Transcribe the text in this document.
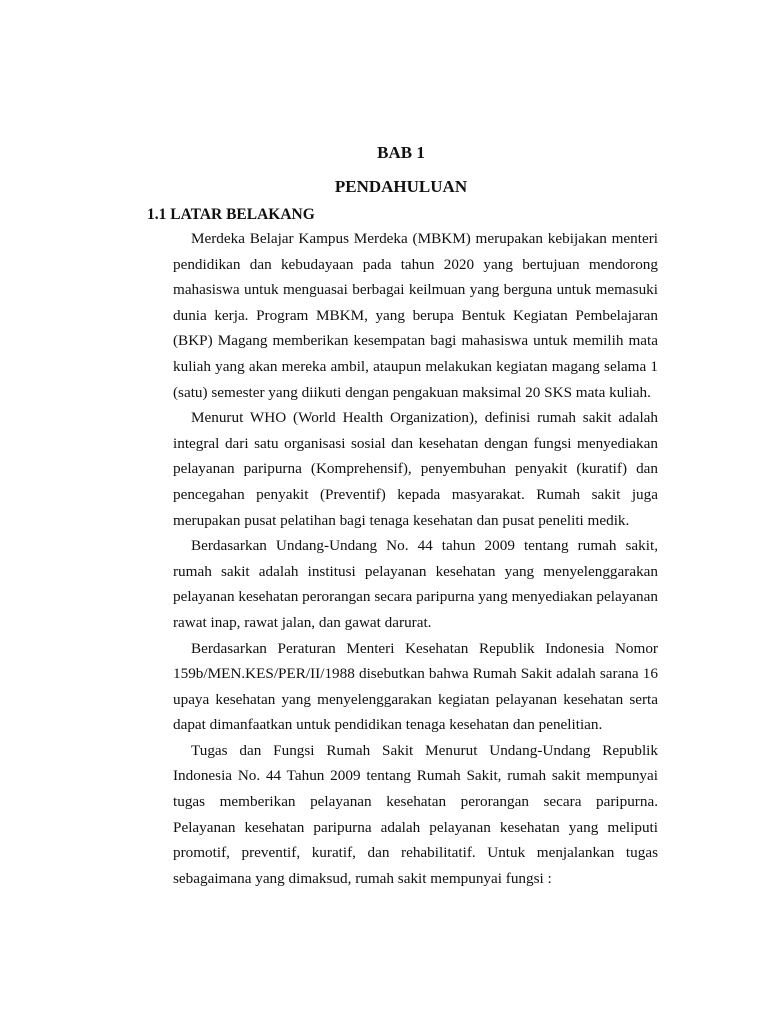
BAB 1
PENDAHULUAN
1.1 LATAR BELAKANG

Merdeka Belajar Kampus Merdeka (MBKM) merupakan kebijakan menteri pendidikan dan kebudayaan pada tahun 2020 yang bertujuan mendorong mahasiswa untuk menguasai berbagai keilmuan yang berguna untuk memasuki dunia kerja. Program MBKM, yang berupa Bentuk Kegiatan Pembelajaran (BKP) Magang memberikan kesempatan bagi mahasiswa untuk memilih mata kuliah yang akan mereka ambil, ataupun melakukan kegiatan magang selama 1 (satu) semester yang diikuti dengan pengakuan maksimal 20 SKS mata kuliah.

Menurut WHO (World Health Organization), definisi rumah sakit adalah integral dari satu organisasi sosial dan kesehatan dengan fungsi menyediakan pelayanan paripurna (Komprehensif), penyembuhan penyakit (kuratif) dan pencegahan penyakit (Preventif) kepada masyarakat. Rumah sakit juga merupakan pusat pelatihan bagi tenaga kesehatan dan pusat peneliti medik.

Berdasarkan Undang-Undang No. 44 tahun 2009 tentang rumah sakit, rumah sakit adalah institusi pelayanan kesehatan yang menyelenggarakan pelayanan kesehatan perorangan secara paripurna yang menyediakan pelayanan rawat inap, rawat jalan, dan gawat darurat.

Berdasarkan Peraturan Menteri Kesehatan Republik Indonesia Nomor 159b/MEN.KES/PER/II/1988 disebutkan bahwa Rumah Sakit adalah sarana 16 upaya kesehatan yang menyelenggarakan kegiatan pelayanan kesehatan serta dapat dimanfaatkan untuk pendidikan tenaga kesehatan dan penelitian.

Tugas dan Fungsi Rumah Sakit Menurut Undang-Undang Republik Indonesia No. 44 Tahun 2009 tentang Rumah Sakit, rumah sakit mempunyai tugas memberikan pelayanan kesehatan perorangan secara paripurna. Pelayanan kesehatan paripurna adalah pelayanan kesehatan yang meliputi promotif, preventif, kuratif, dan rehabilitatif. Untuk menjalankan tugas sebagaimana yang dimaksud, rumah sakit mempunyai fungsi :
